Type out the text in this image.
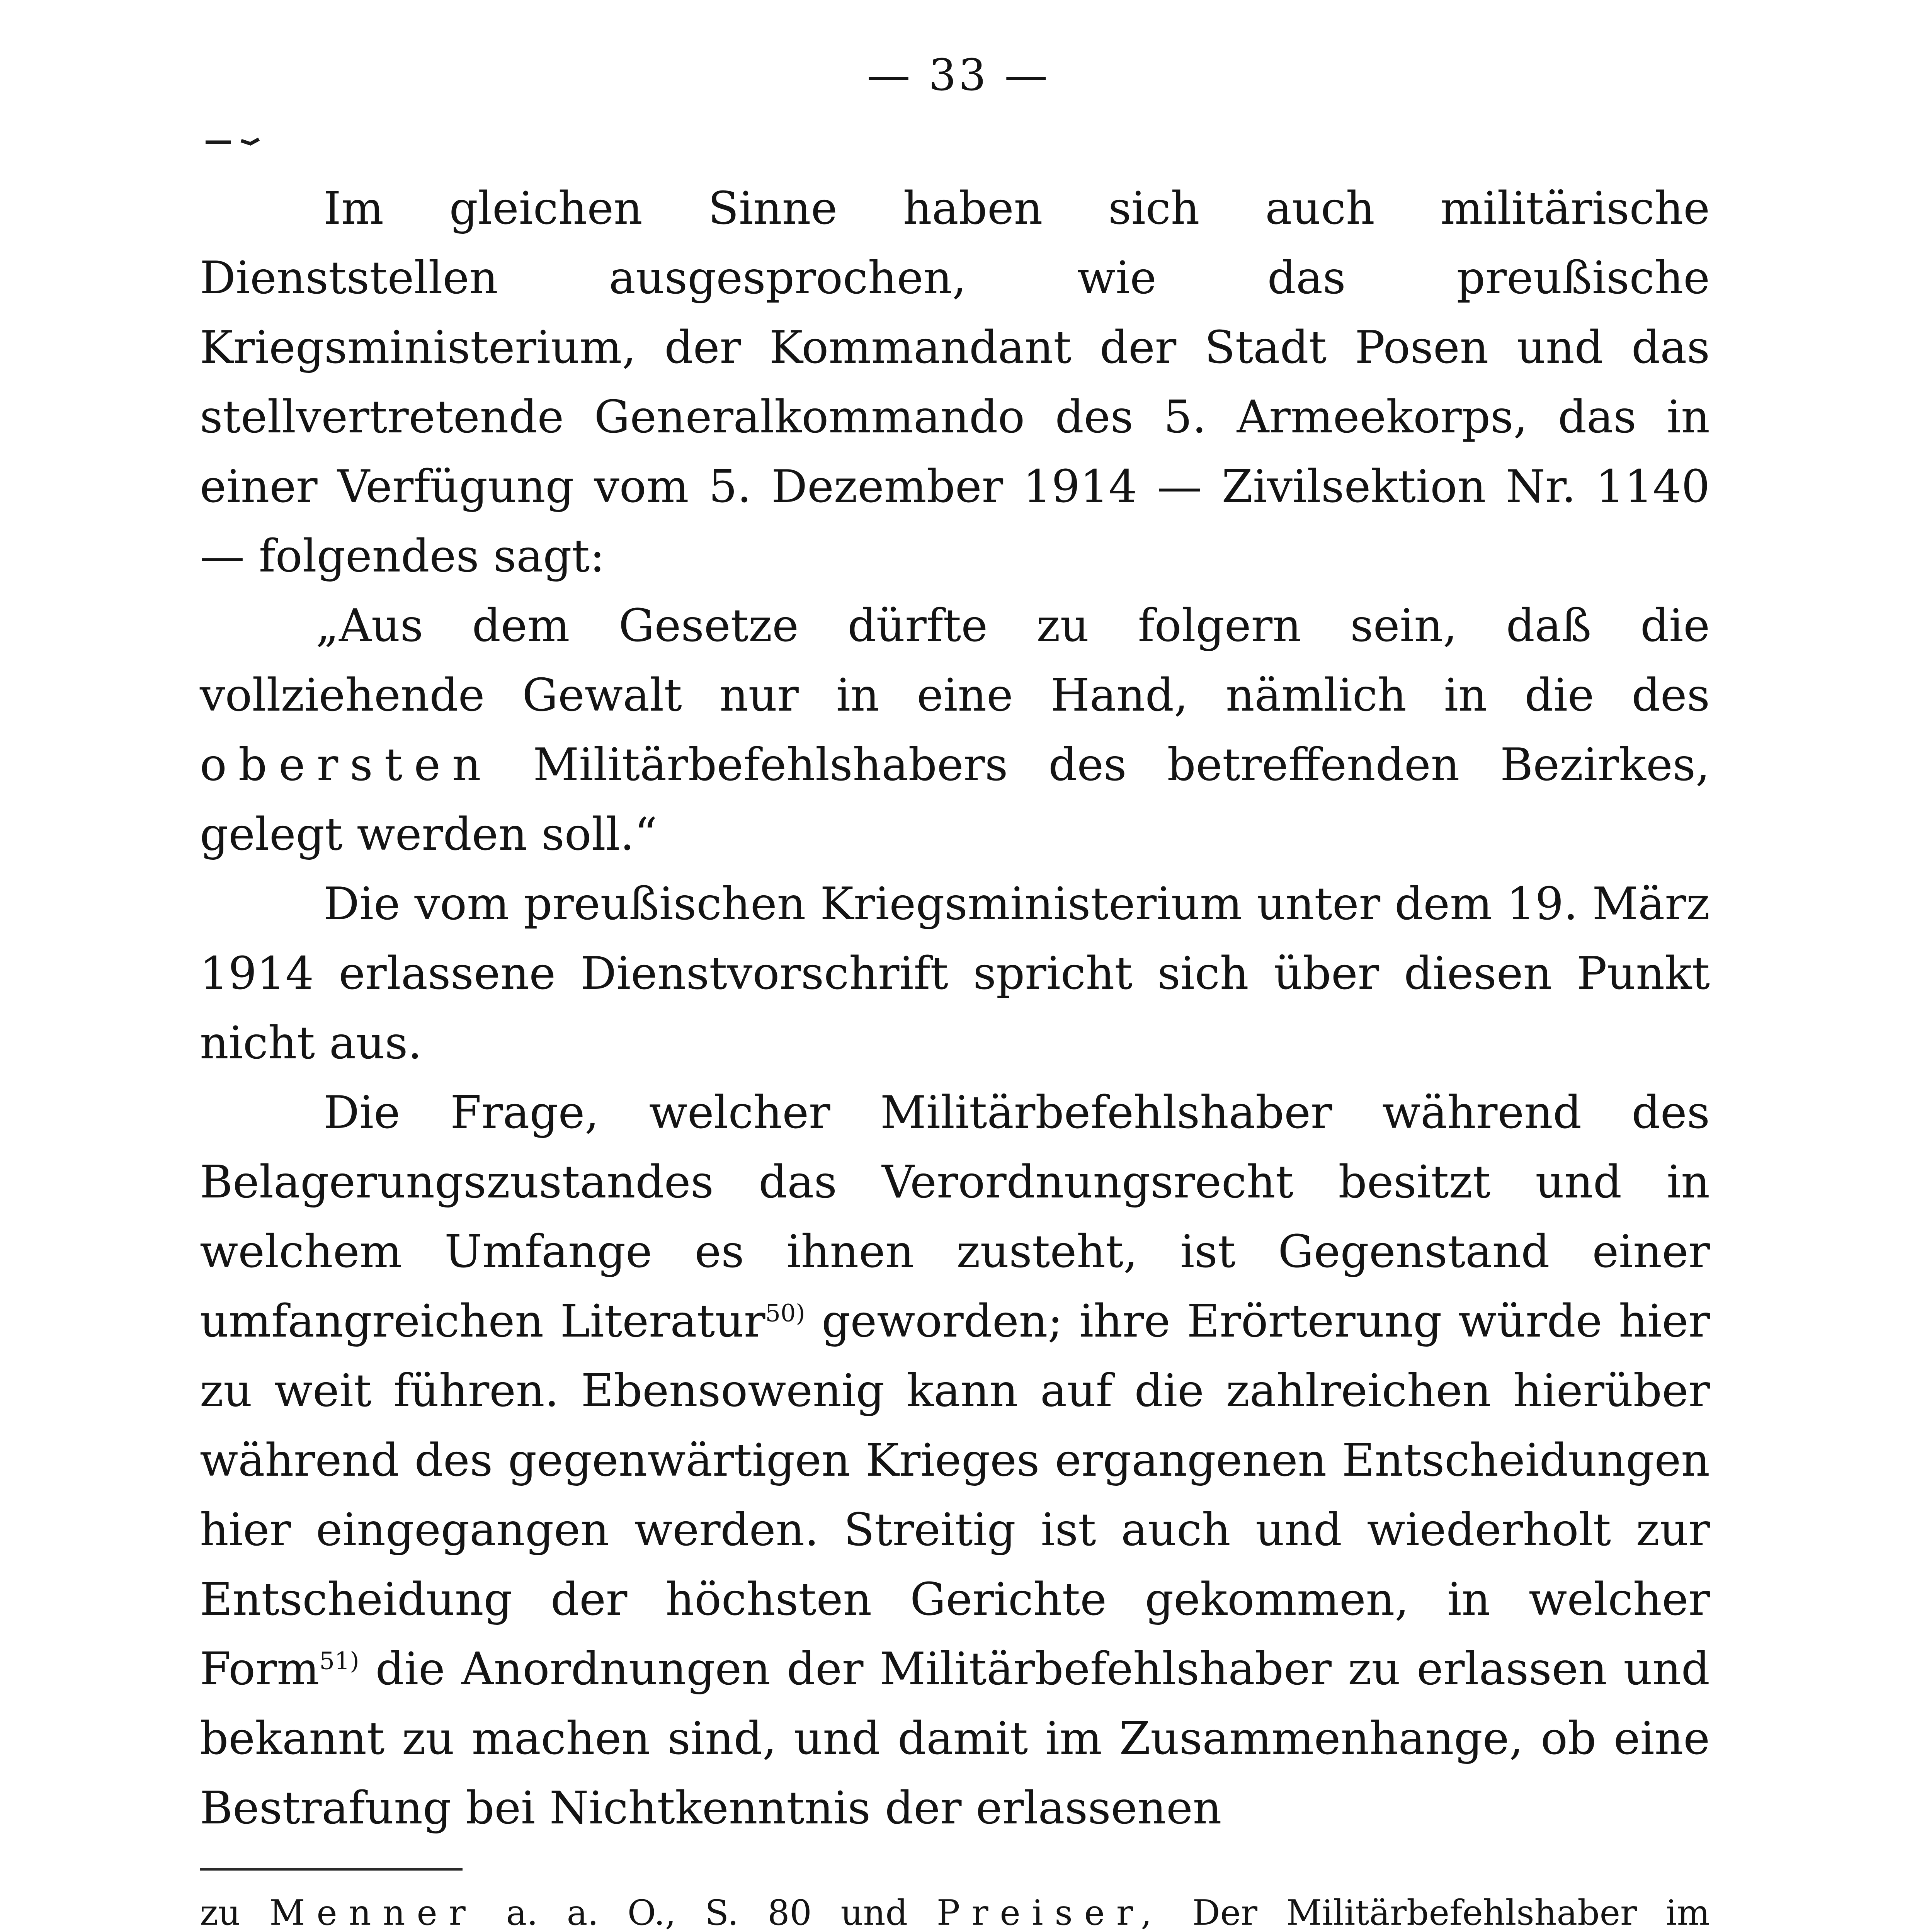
— 33 —

Im gleichen Sinne haben sich auch militärische Dienststellen ausgesprochen, wie das preußische Kriegsministerium, der Kommandant der Stadt Posen und das stellvertretende Generalkommando des 5. Armeekorps, das in einer Verfügung vom 5. Dezember 1914 — Zivilsektion Nr. 1140 — folgendes sagt:

„Aus dem Gesetze dürfte zu folgern sein, daß die vollziehende Gewalt nur in eine Hand, nämlich in die des obersten Militärbefehlshabers des betreffenden Bezirkes, gelegt werden soll.“

Die vom preußischen Kriegsministerium unter dem 19. März 1914 erlassene Dienstvorschrift spricht sich über diesen Punkt nicht aus.

Die Frage, welcher Militärbefehlshaber während des Belagerungszustandes das Verordnungsrecht besitzt und in welchem Umfange es ihnen zusteht, ist Gegenstand einer umfangreichen Literatur$^{50)}$ geworden; ihre Erörterung würde hier zu weit führen. Ebensowenig kann auf die zahlreichen hierüber während des gegenwärtigen Krieges ergangenen Entscheidungen hier eingegangen werden. Streitig ist auch und wiederholt zur Entscheidung der höchsten Gerichte gekommen, in welcher Form$^{51)}$ die Anordnungen der Militärbefehlshaber zu erlassen und bekannt zu machen sind, und damit im Zusammenhange, ob eine Bestrafung bei Nichtkenntnis der erlassenen

zu Menner a. a. O., S. 80 und Preiser, Der Militärbefehlshaber im
